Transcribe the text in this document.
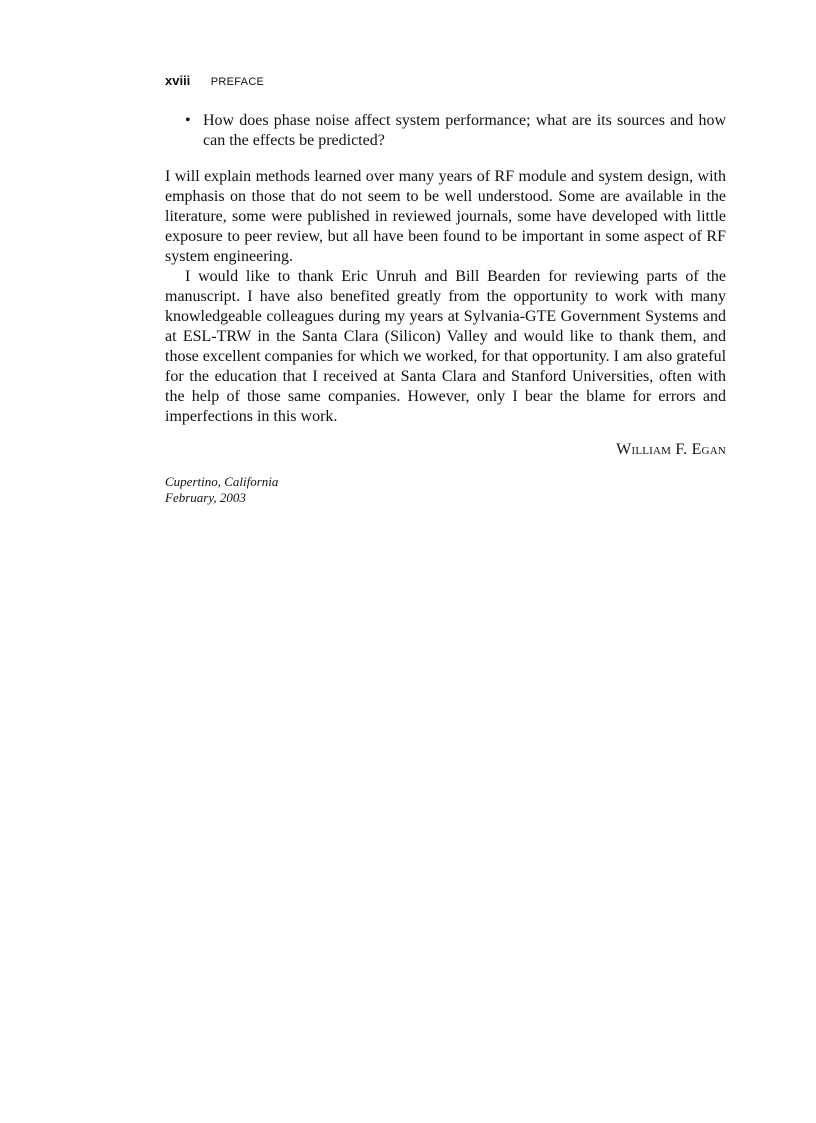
xviii PREFACE
• How does phase noise affect system performance; what are its sources and how can the effects be predicted?

I will explain methods learned over many years of RF module and system design, with emphasis on those that do not seem to be well understood. Some are available in the literature, some were published in reviewed journals, some have developed with little exposure to peer review, but all have been found to be important in some aspect of RF system engineering.

I would like to thank Eric Unruh and Bill Bearden for reviewing parts of the manuscript. I have also benefited greatly from the opportunity to work with many knowledgeable colleagues during my years at Sylvania-GTE Government Systems and at ESL-TRW in the Santa Clara (Silicon) Valley and would like to thank them, and those excellent companies for which we worked, for that opportunity. I am also grateful for the education that I received at Santa Clara and Stanford Universities, often with the help of those same companies. However, only I bear the blame for errors and imperfections in this work.

William F. Egan
Cupertino, California
February, 2003
